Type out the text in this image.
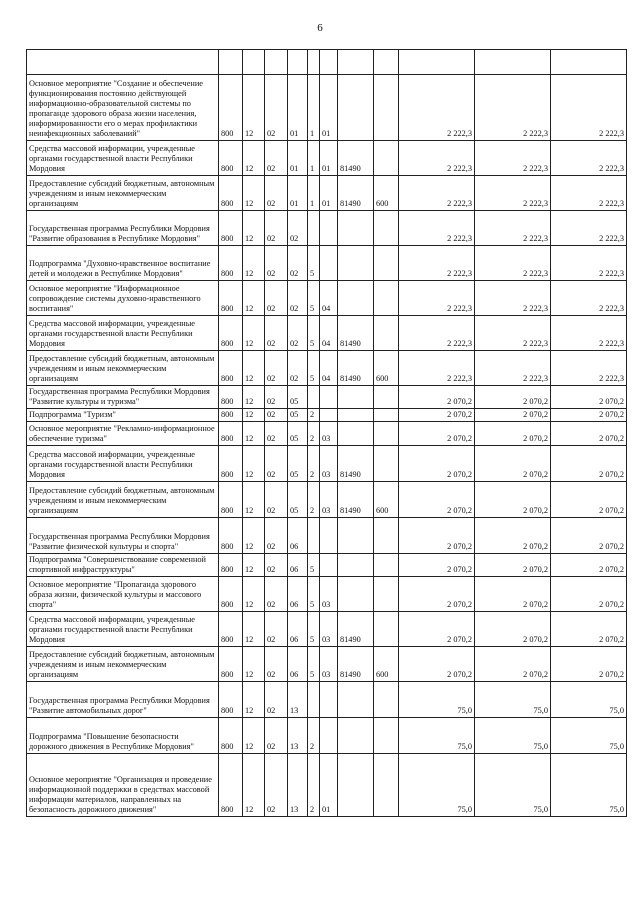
6

Основное мероприятие "Создание и обеспечение функционирования постоянно действующей информационно-образовательной системы по пропаганде здорового образа жизни населения, информированности его о мерах профилактики неинфекционных заболеваний"	800	12	02	01	1	01			2 222,3	2 222,3	2 222,3
Средства массовой информации, учрежденные органами государственной власти Республики Мордовия	800	12	02	01	1	01	81490		2 222,3	2 222,3	2 222,3
Предоставление субсидий бюджетным, автономным учреждениям и иным некоммерческим организациям	800	12	02	01	1	01	81490	600	2 222,3	2 222,3	2 222,3
Государственная программа Республики Мордовия "Развитие образования в Республике Мордовия"	800	12	02	02					2 222,3	2 222,3	2 222,3
Подпрограмма "Духовно-нравственное воспитание детей и молодежи в Республике Мордовия"	800	12	02	02	5				2 222,3	2 222,3	2 222,3
Основное мероприятие "Информационное сопровождение системы духовно-нравственного воспитания"	800	12	02	02	5	04			2 222,3	2 222,3	2 222,3
Средства массовой информации, учрежденные органами государственной власти Республики Мордовия	800	12	02	02	5	04	81490		2 222,3	2 222,3	2 222,3
Предоставление субсидий бюджетным, автономным учреждениям и иным некоммерческим организациям	800	12	02	02	5	04	81490	600	2 222,3	2 222,3	2 222,3
Государственная программа Республики Мордовия "Развитие культуры и туризма"	800	12	02	05					2 070,2	2 070,2	2 070,2
Подпрограмма "Туризм"	800	12	02	05	2				2 070,2	2 070,2	2 070,2
Основное мероприятие "Рекламно-информационное обеспечение туризма"	800	12	02	05	2	03			2 070,2	2 070,2	2 070,2
Средства массовой информации, учрежденные органами государственной власти Республики Мордовия	800	12	02	05	2	03	81490		2 070,2	2 070,2	2 070,2
Предоставление субсидий бюджетным, автономным учреждениям и иным некоммерческим организациям	800	12	02	05	2	03	81490	600	2 070,2	2 070,2	2 070,2
Государственная программа Республики Мордовия "Развитие физической культуры и спорта"	800	12	02	06					2 070,2	2 070,2	2 070,2
Подпрограмма "Совершенствование современной спортивной инфраструктуры"	800	12	02	06	5				2 070,2	2 070,2	2 070,2
Основное мероприятие "Пропаганда здорового образа жизни, физической культуры и массового спорта"	800	12	02	06	5	03			2 070,2	2 070,2	2 070,2
Средства массовой информации, учрежденные органами государственной власти Республики Мордовия	800	12	02	06	5	03	81490		2 070,2	2 070,2	2 070,2
Предоставление субсидий бюджетным, автономным учреждениям и иным некоммерческим организациям	800	12	02	06	5	03	81490	600	2 070,2	2 070,2	2 070,2
Государственная программа Республики Мордовия "Развитие автомобильных дорог"	800	12	02	13					75,0	75,0	75,0
Подпрограмма "Повышение безопасности дорожного движения в Республике Мордовия"	800	12	02	13	2				75,0	75,0	75,0
Основное мероприятие "Организация и проведение информационной поддержки в средствах массовой информации материалов, направленных на безопасность дорожного движения"	800	12	02	13	2	01			75,0	75,0	75,0
